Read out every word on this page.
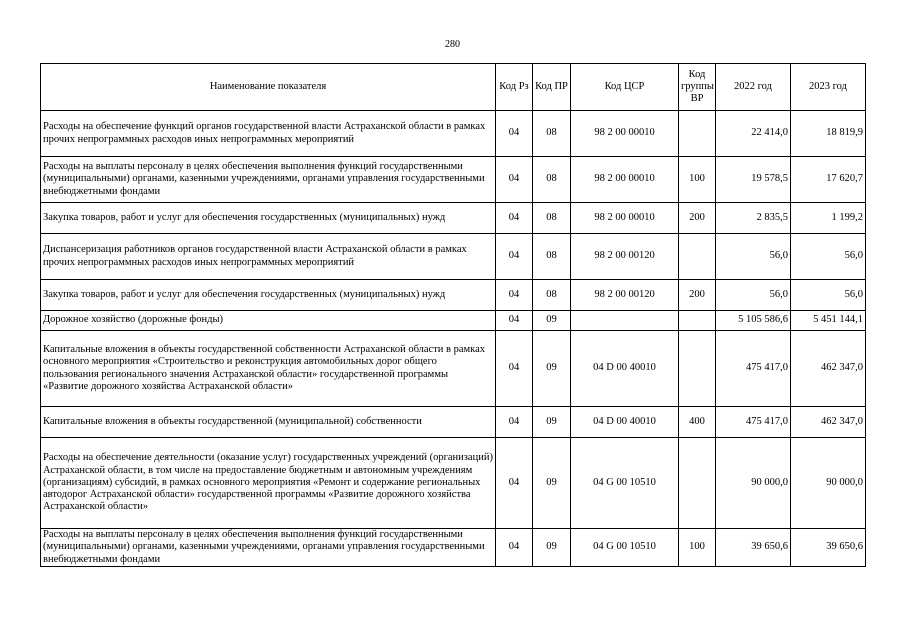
280
Наименование показателя	Код Рз	Код ПР	Код ЦСР	Код группы ВР	2022 год	2023 год
Расходы на обеспечение функций органов государственной власти Астраханской области в рамках прочих непрограммных расходов иных непрограммных мероприятий	04	08	98 2 00 00010		22 414,0	18 819,9
Расходы на выплаты персоналу в целях обеспечения выполнения функций государственными (муниципальными) органами, казенными учреждениями, органами управления государственными внебюджетными фондами	04	08	98 2 00 00010	100	19 578,5	17 620,7
Закупка товаров, работ и услуг для обеспечения государственных (муниципальных) нужд	04	08	98 2 00 00010	200	2 835,5	1 199,2
Диспансеризация работников органов государственной власти Астраханской области в рамках прочих непрограммных расходов иных непрограммных мероприятий	04	08	98 2 00 00120		56,0	56,0
Закупка товаров, работ и услуг для обеспечения государственных (муниципальных) нужд	04	08	98 2 00 00120	200	56,0	56,0
Дорожное хозяйство (дорожные фонды)	04	09			5 105 586,6	5 451 144,1
Капитальные вложения в объекты государственной собственности Астраханской области в рамках основного мероприятия «Строительство и реконструкция автомобильных дорог общего пользования регионального значения Астраханской области» государственной программы «Развитие дорожного хозяйства Астраханской области»	04	09	04 D 00 40010		475 417,0	462 347,0
Капитальные вложения в объекты государственной (муниципальной) собственности	04	09	04 D 00 40010	400	475 417,0	462 347,0
Расходы на обеспечение деятельности (оказание услуг) государственных учреждений (организаций) Астраханской области, в том числе на предоставление бюджетным и автономным учреждениям (организациям) субсидий, в рамках основного мероприятия «Ремонт и содержание региональных автодорог Астраханской области» государственной программы «Развитие дорожного хозяйства Астраханской области»	04	09	04 G 00 10510		90 000,0	90 000,0
Расходы на выплаты персоналу в целях обеспечения выполнения функций государственными (муниципальными) органами, казенными учреждениями, органами управления государственными внебюджетными фондами	04	09	04 G 00 10510	100	39 650,6	39 650,6
